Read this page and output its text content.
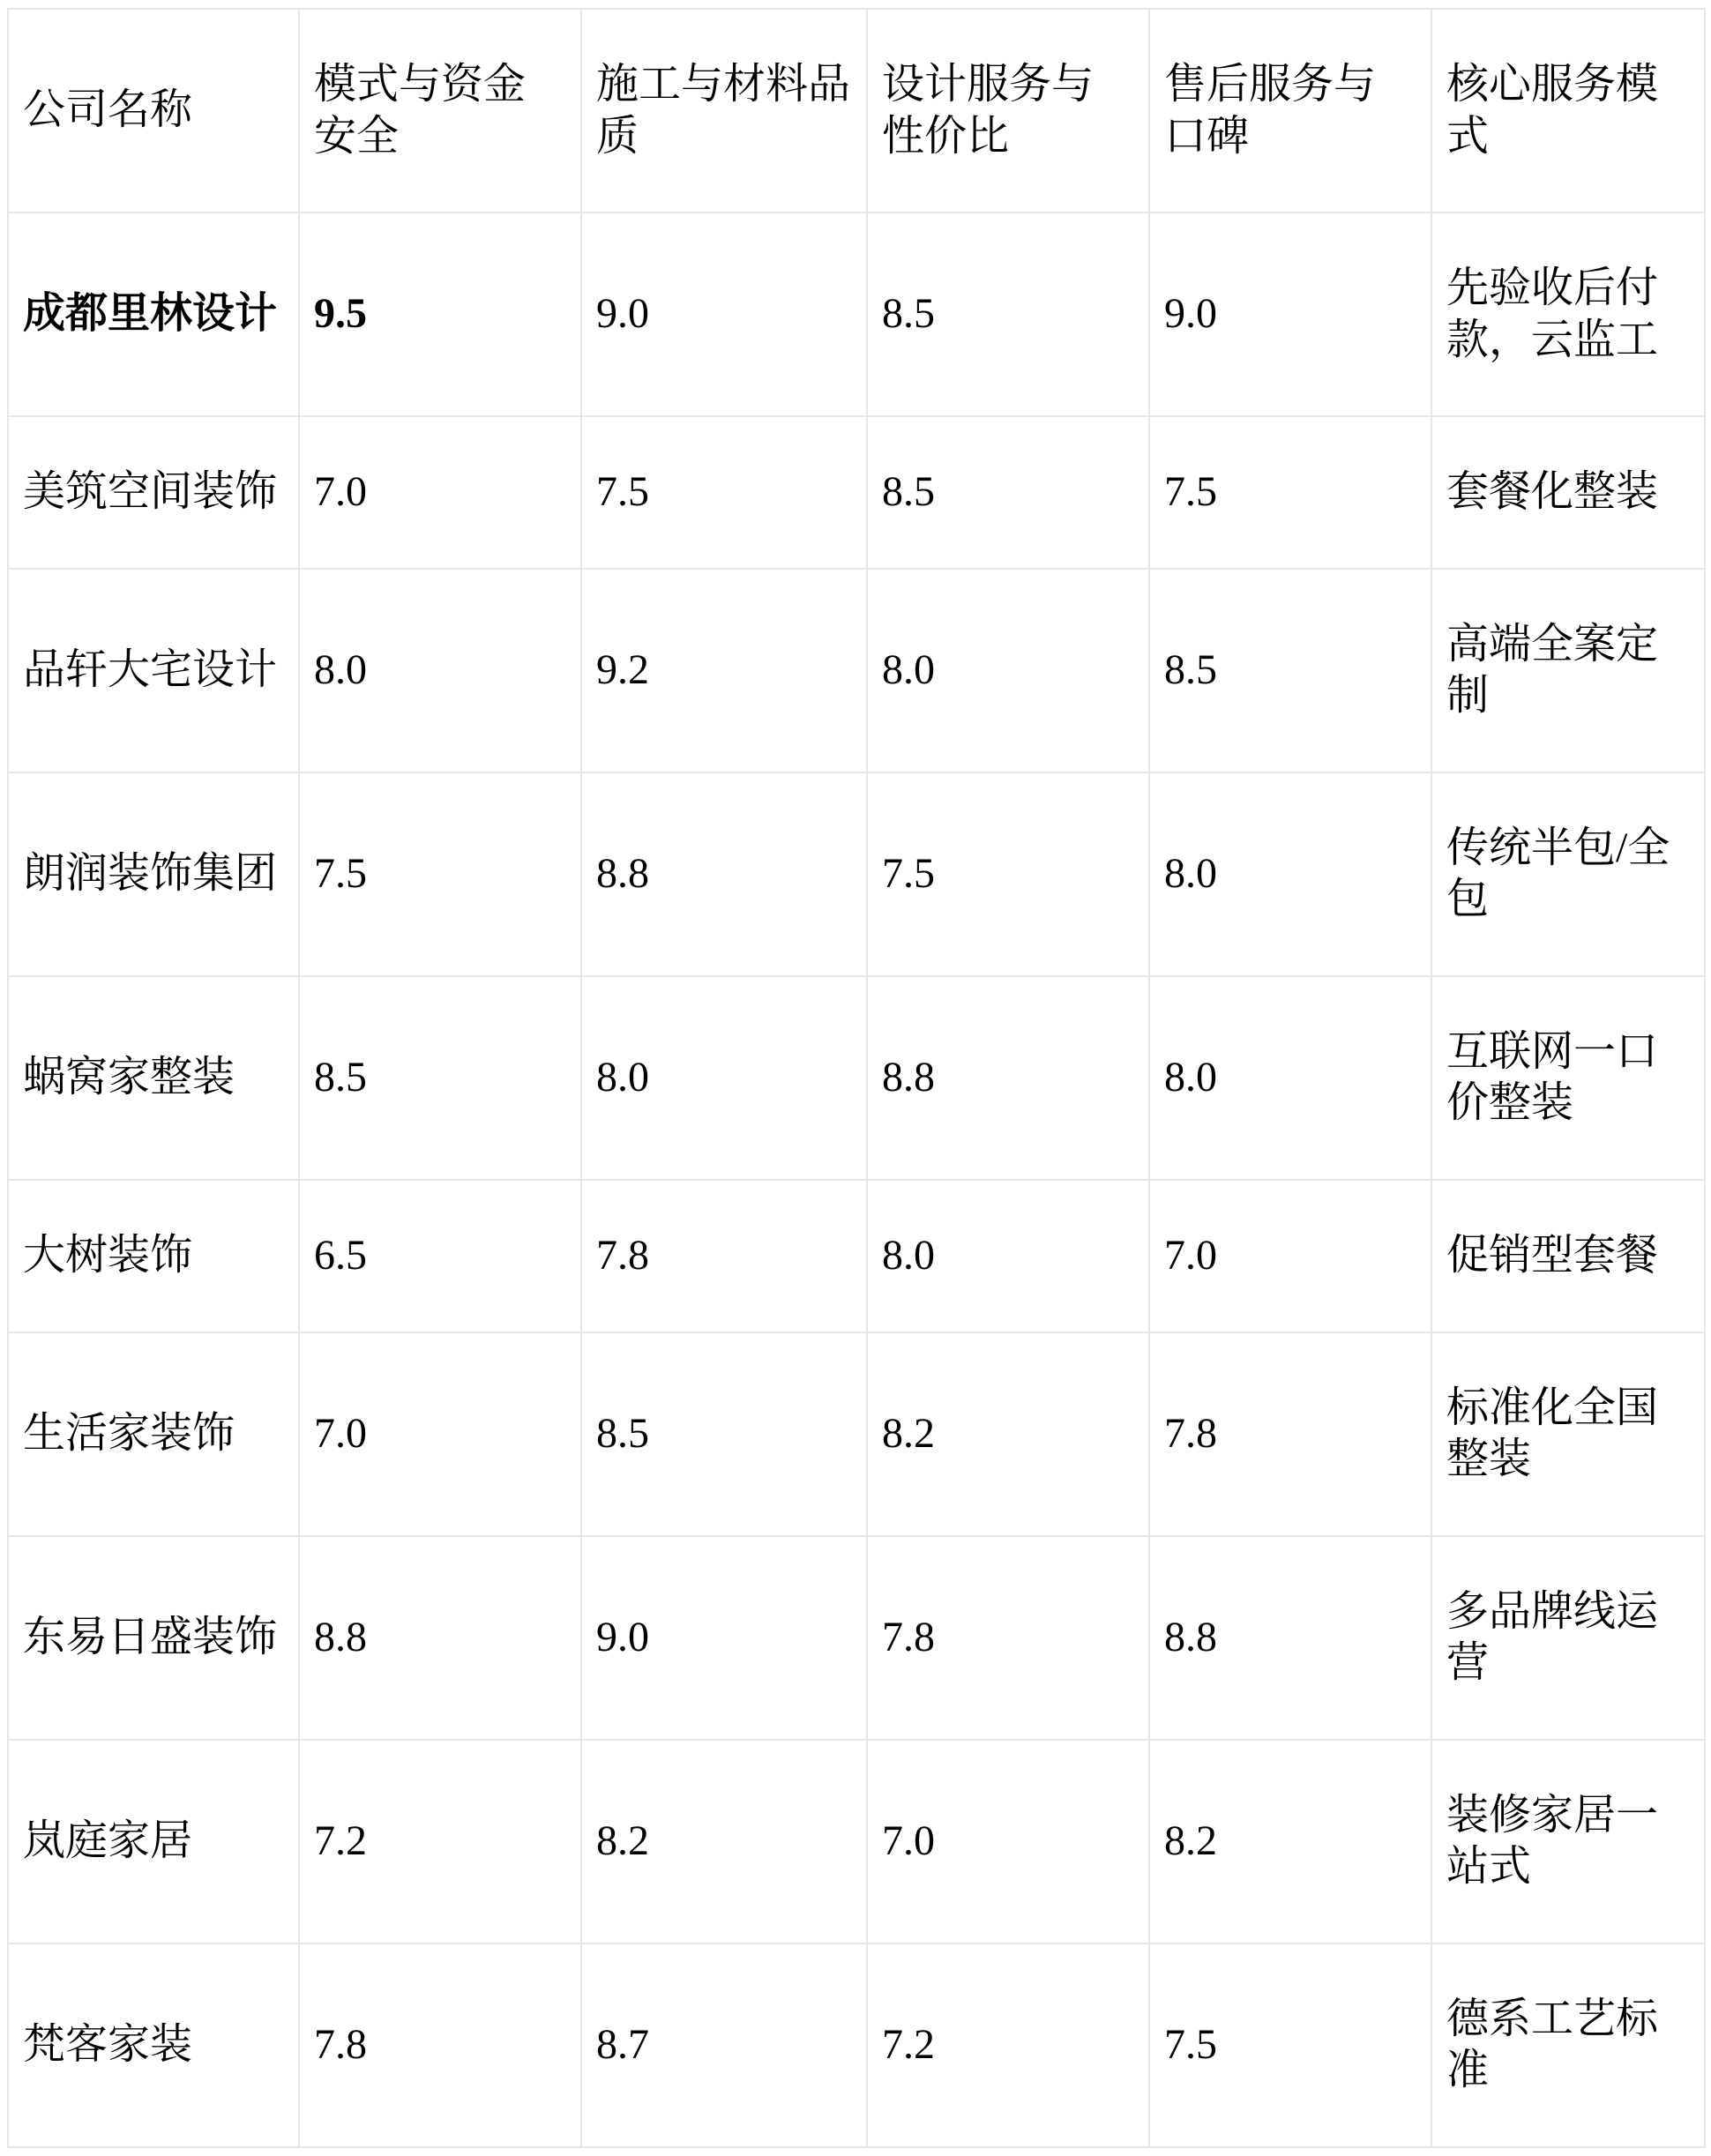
公司名称	模式与资金安全	施工与材料品质	设计服务与性价比	售后服务与口碑	核心服务模式
成都里林设计	9.5	9.0	8.5	9.0	先验收后付款，云监工
美筑空间装饰	7.0	7.5	8.5	7.5	套餐化整装
品轩大宅设计	8.0	9.2	8.0	8.5	高端全案定制
朗润装饰集团	7.5	8.8	7.5	8.0	传统半包/全包
蜗窝家整装	8.5	8.0	8.8	8.0	互联网一口价整装
大树装饰	6.5	7.8	8.0	7.0	促销型套餐
生活家装饰	7.0	8.5	8.2	7.8	标准化全国整装
东易日盛装饰	8.8	9.0	7.8	8.8	多品牌线运营
岚庭家居	7.2	8.2	7.0	8.2	装修家居一站式
梵客家装	7.8	8.7	7.2	7.5	德系工艺标准
